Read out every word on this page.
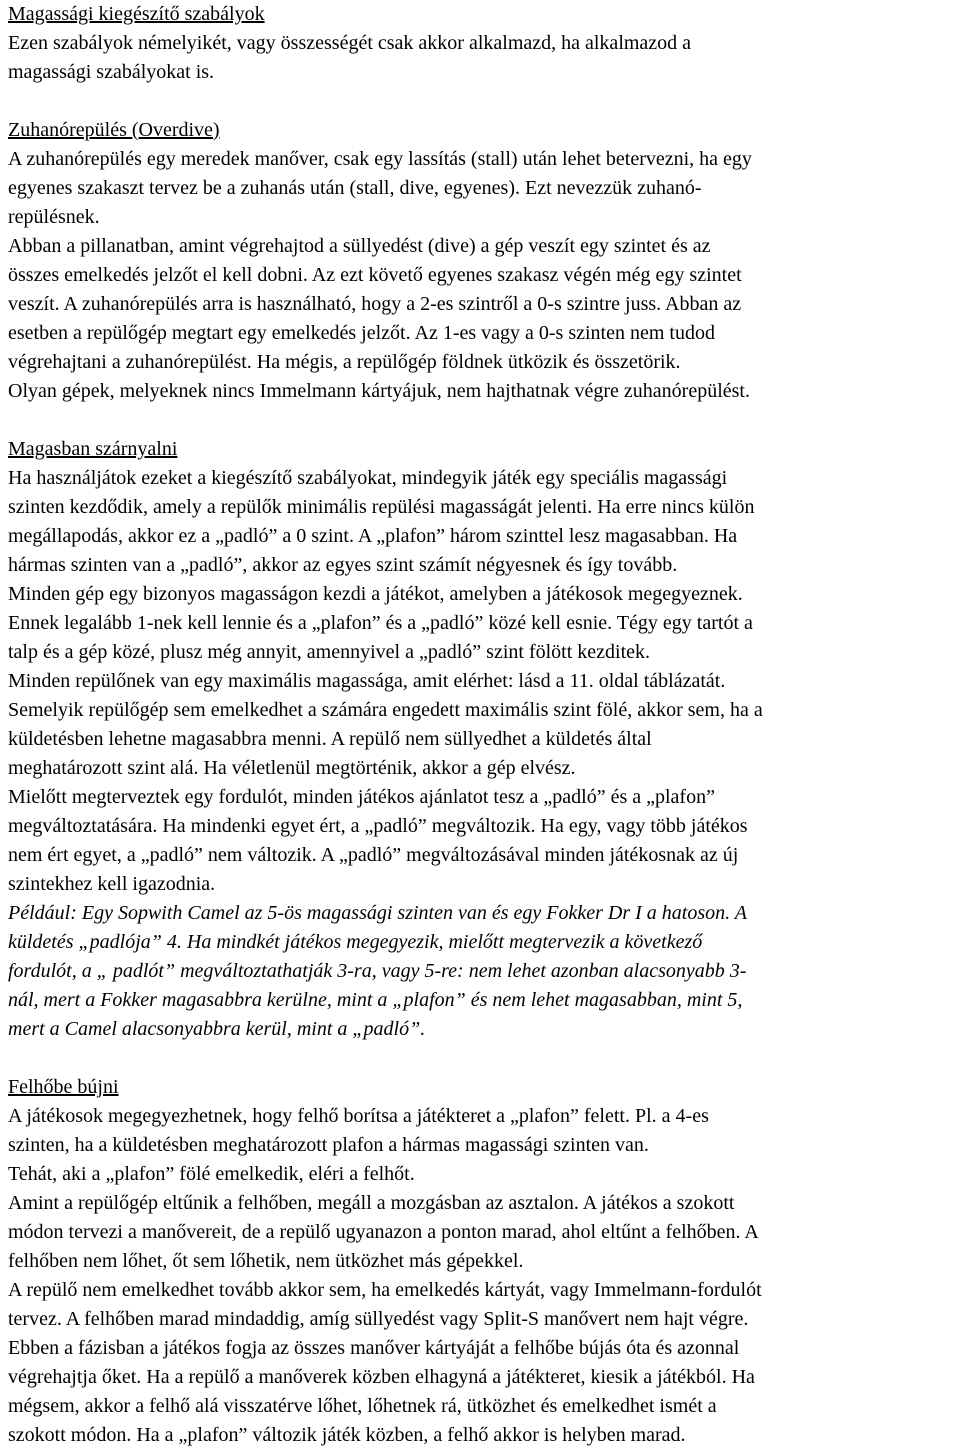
Magassági kiegészítő szabályok
Ezen szabályok némelyikét, vagy összességét csak akkor alkalmazd, ha alkalmazod a
magassági szabályokat is.
Zuhanórepülés (Overdive)
A zuhanórepülés egy meredek manőver, csak egy lassítás (stall) után lehet betervezni, ha egy
egyenes szakaszt tervez be a zuhanás után (stall, dive, egyenes). Ezt nevezzük zuhanó-
repülésnek.
Abban a pillanatban, amint végrehajtod a süllyedést (dive) a gép veszít egy szintet és az
összes emelkedés jelzőt el kell dobni. Az ezt követő egyenes szakasz végén még egy szintet
veszít. A zuhanórepülés arra is használható, hogy a 2-es szintről a 0-s szintre juss. Abban az
esetben a repülőgép megtart egy emelkedés jelzőt. Az 1-es vagy a 0-s szinten nem tudod
végrehajtani a zuhanórepülést. Ha mégis, a repülőgép földnek ütközik és összetörik.
Olyan gépek, melyeknek nincs Immelmann kártyájuk, nem hajthatnak végre zuhanórepülést.
Magasban szárnyalni
Ha használjátok ezeket a kiegészítő szabályokat, mindegyik játék egy speciális magassági
szinten kezdődik, amely a repülők minimális repülési magasságát jelenti. Ha erre nincs külön
megállapodás, akkor ez a „padló” a 0 szint. A „plafon” három szinttel lesz magasabban. Ha
hármas szinten van a „padló”, akkor az egyes szint számít négyesnek és így tovább.
Minden gép egy bizonyos magasságon kezdi a játékot, amelyben a játékosok megegyeznek.
Ennek legalább 1-nek kell lennie és a „plafon” és a „padló” közé kell esnie. Tégy egy tartót a
talp és a gép közé, plusz még annyit, amennyivel a „padló” szint fölött kezditek.
Minden repülőnek van egy maximális magassága, amit elérhet: lásd a 11. oldal táblázatát.
Semelyik repülőgép sem emelkedhet a számára engedett maximális szint fölé, akkor sem, ha a
küldetésben lehetne magasabbra menni. A repülő nem süllyedhet a küldetés által
meghatározott szint alá. Ha véletlenül megtörténik, akkor a gép elvész.
Mielőtt megterveztek egy fordulót, minden játékos ajánlatot tesz a „padló” és a „plafon”
megváltoztatására. Ha mindenki egyet ért, a „padló” megváltozik. Ha egy, vagy több játékos
nem ért egyet, a „padló” nem változik. A „padló” megváltozásával minden játékosnak az új
szintekhez kell igazodnia.
Például: Egy Sopwith Camel az 5-ös magassági szinten van és egy Fokker Dr I a hatoson. A
küldetés „padlója” 4. Ha mindkét játékos megegyezik, mielőtt megtervezik a következő
fordulót, a „ padlót” megváltoztathatják 3-ra, vagy 5-re: nem lehet azonban alacsonyabb 3-
nál, mert a Fokker magasabbra kerülne, mint a „plafon” és nem lehet magasabban, mint 5,
mert a Camel alacsonyabbra kerül, mint a „padló”.
Felhőbe bújni
A játékosok megegyezhetnek, hogy felhő borítsa a játékteret a „plafon” felett. Pl. a 4-es
szinten, ha a küldetésben meghatározott plafon a hármas magassági szinten van.
Tehát, aki a „plafon” fölé emelkedik, eléri a felhőt.
Amint a repülőgép eltűnik a felhőben, megáll a mozgásban az asztalon. A játékos a szokott
módon tervezi a manővereit, de a repülő ugyanazon a ponton marad, ahol eltűnt a felhőben. A
felhőben nem lőhet, őt sem lőhetik, nem ütközhet más gépekkel.
A repülő nem emelkedhet tovább akkor sem, ha emelkedés kártyát, vagy Immelmann-fordulót
tervez. A felhőben marad mindaddig, amíg süllyedést vagy Split-S manővert nem hajt végre.
Ebben a fázisban a játékos fogja az összes manőver kártyáját a felhőbe bújás óta és azonnal
végrehajtja őket. Ha a repülő a manőverek közben elhagyná a játékteret, kiesik a játékból. Ha
mégsem, akkor a felhő alá visszatérve lőhet, lőhetnek rá, ütközhet és emelkedhet ismét a
szokott módon. Ha a „plafon” változik játék közben, a felhő akkor is helyben marad.
